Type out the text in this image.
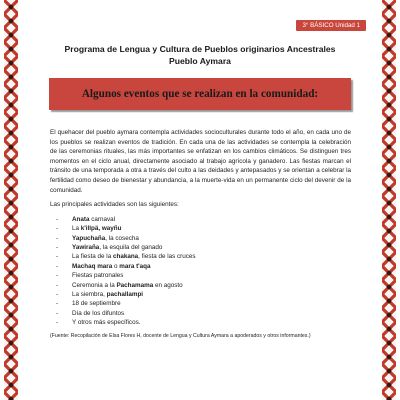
3° BÁSICO Unidad 1
Programa de Lengua y Cultura de Pueblos originarios Ancestrales
Pueblo Aymara
Algunos eventos que se realizan en la comunidad:

El quehacer del pueblo aymara contempla actividades socioculturales durante todo el año, en cada uno de los pueblos se realizan eventos de tradición. En cada una de las actividades se contempla la celebración de las ceremonias rituales, las más importantes se enfatizan en los cambios climáticos. Se distinguen tres momentos en el ciclo anual, directamente asociado al trabajo agrícola y ganadero. Las fiestas marcan el tránsito de una temporada a otra a través del culto a las deidades y antepasados y se orientan a celebrar la fertilidad como deseo de bienestar y abundancia, a la muerte-vida en un permanente ciclo del devenir de la comunidad.

Las principales actividades son las siguientes:

- Anata carnaval
- La k'illpä, wayñu
- Yapuchaña, la cosecha
- Yawiraña, la esquila del ganado
- La fiesta de la chakana, fiesta de las cruces
- Machaq mara o mara t'aqa
- Fiestas patronales
- Ceremonia a la Pachamama en agosto
- La siembra, pachallampi
- 18 de septiembre
- Día de los difuntos
- Y otros más específicos.

(Fuente: Recopilación de Elsa Flores H, docente de Lengua y Cultura Aymara a apoderados y otros informantes.)
